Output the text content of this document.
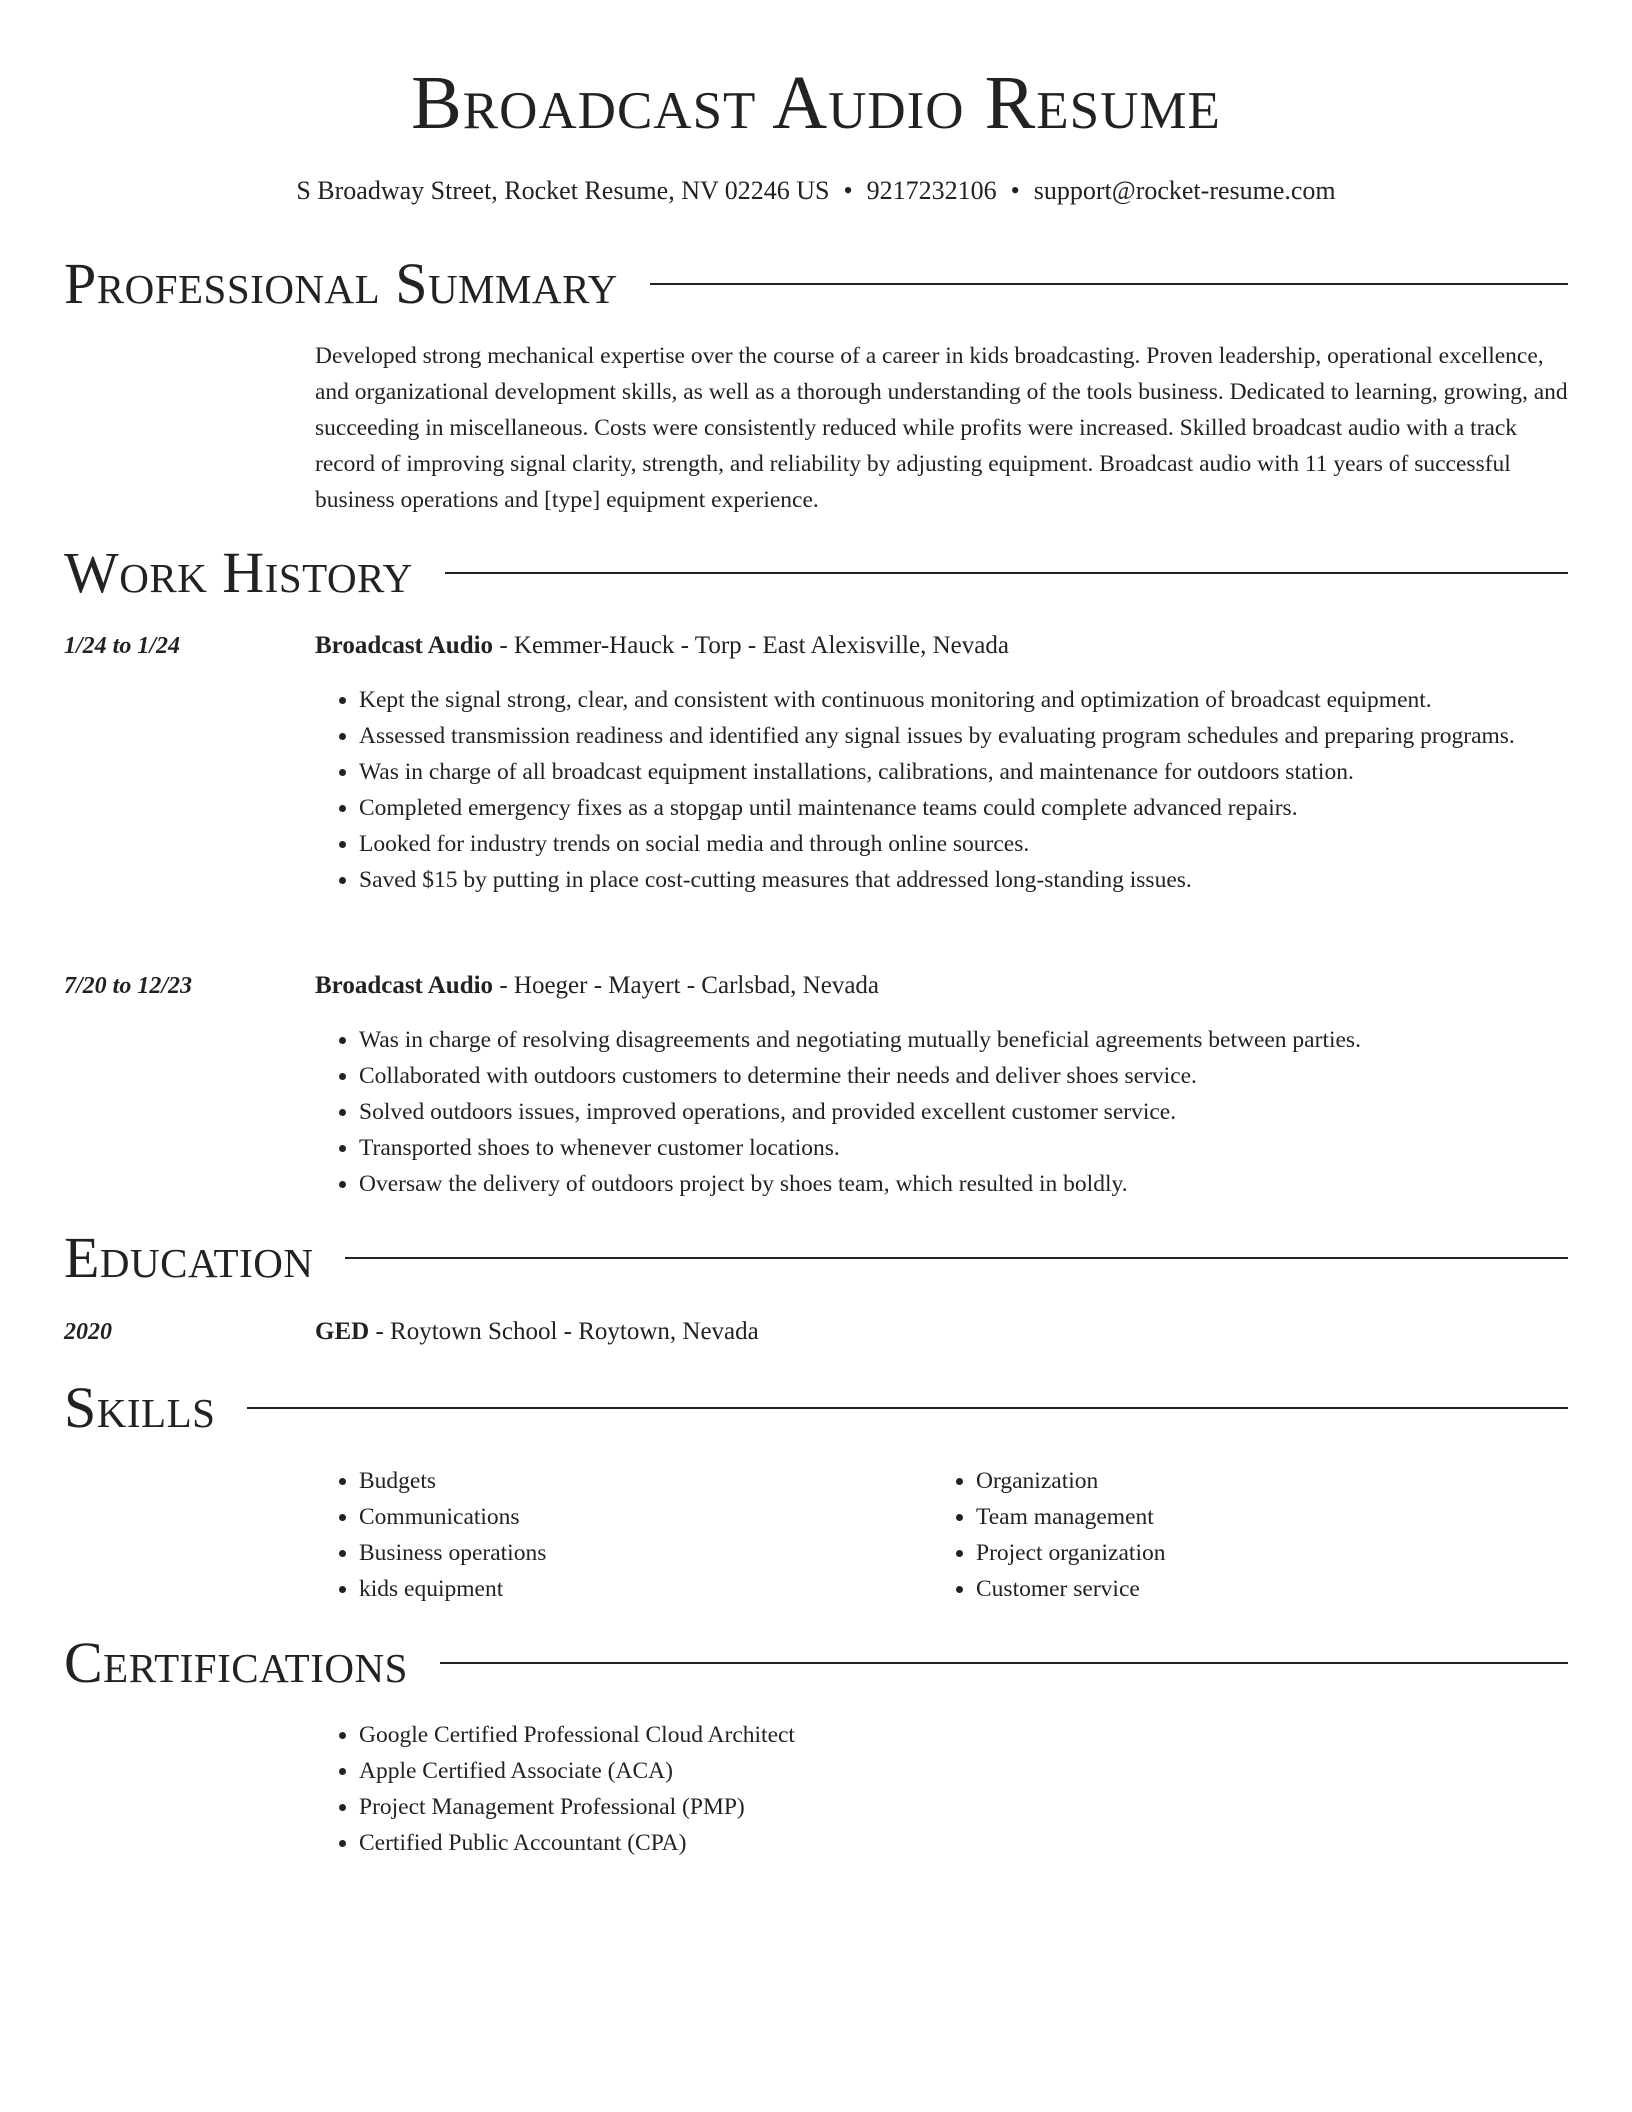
Broadcast Audio Resume
S Broadway Street, Rocket Resume, NV 02246 US • 9217232106 • support@rocket-resume.com
Professional Summary
Developed strong mechanical expertise over the course of a career in kids broadcasting. Proven leadership, operational excellence, and organizational development skills, as well as a thorough understanding of the tools business. Dedicated to learning, growing, and succeeding in miscellaneous. Costs were consistently reduced while profits were increased. Skilled broadcast audio with a track record of improving signal clarity, strength, and reliability by adjusting equipment. Broadcast audio with 11 years of successful business operations and [type] equipment experience.
Work History
1/24 to 1/24	Broadcast Audio - Kemmer-Hauck - Torp - East Alexisville, Nevada
• Kept the signal strong, clear, and consistent with continuous monitoring and optimization of broadcast equipment.
• Assessed transmission readiness and identified any signal issues by evaluating program schedules and preparing programs.
• Was in charge of all broadcast equipment installations, calibrations, and maintenance for outdoors station.
• Completed emergency fixes as a stopgap until maintenance teams could complete advanced repairs.
• Looked for industry trends on social media and through online sources.
• Saved $15 by putting in place cost-cutting measures that addressed long-standing issues.
7/20 to 12/23	Broadcast Audio - Hoeger - Mayert - Carlsbad, Nevada
• Was in charge of resolving disagreements and negotiating mutually beneficial agreements between parties.
• Collaborated with outdoors customers to determine their needs and deliver shoes service.
• Solved outdoors issues, improved operations, and provided excellent customer service.
• Transported shoes to whenever customer locations.
• Oversaw the delivery of outdoors project by shoes team, which resulted in boldly.
Education
2020	GED - Roytown School - Roytown, Nevada
Skills
• Budgets
• Communications
• Business operations
• kids equipment
• Organization
• Team management
• Project organization
• Customer service
Certifications
• Google Certified Professional Cloud Architect
• Apple Certified Associate (ACA)
• Project Management Professional (PMP)
• Certified Public Accountant (CPA)
